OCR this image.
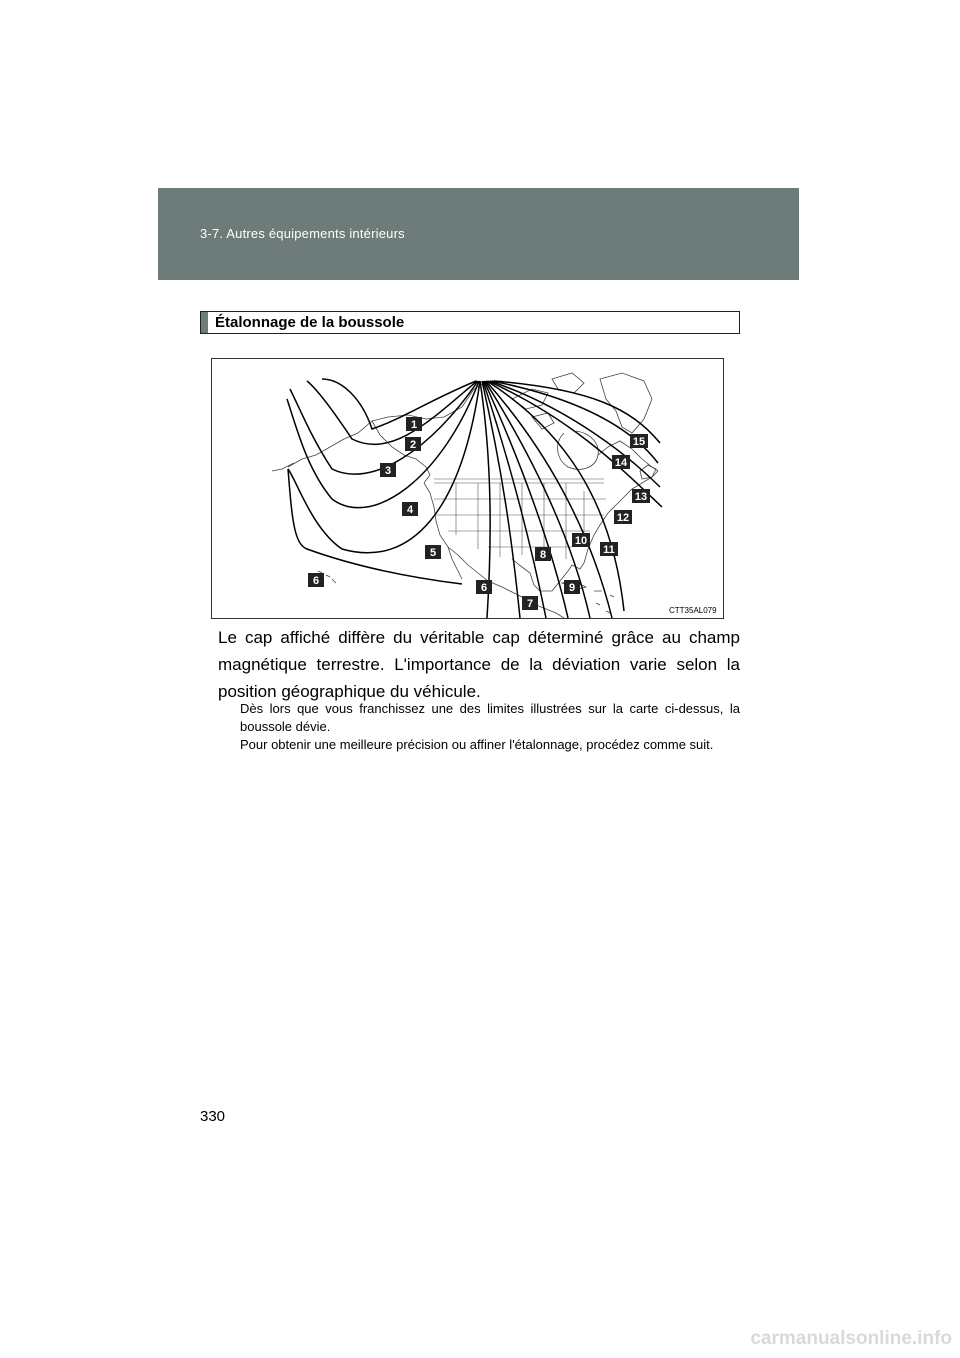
3-7. Autres équipements intérieurs
Étalonnage de la boussole
1
2
3
4
5
6
6
7
8
9
10
11
12
13
14
15
CTT35AL079

Le cap affiché diffère du véritable cap déterminé grâce au champ magnétique terrestre. L'importance de la déviation varie selon la position géographique du véhicule.

Dès lors que vous franchissez une des limites illustrées sur la carte ci-dessus, la boussole dévie.

Pour obtenir une meilleure précision ou affiner l'étalonnage, procédez comme suit.

330
carmanualsonline.info
